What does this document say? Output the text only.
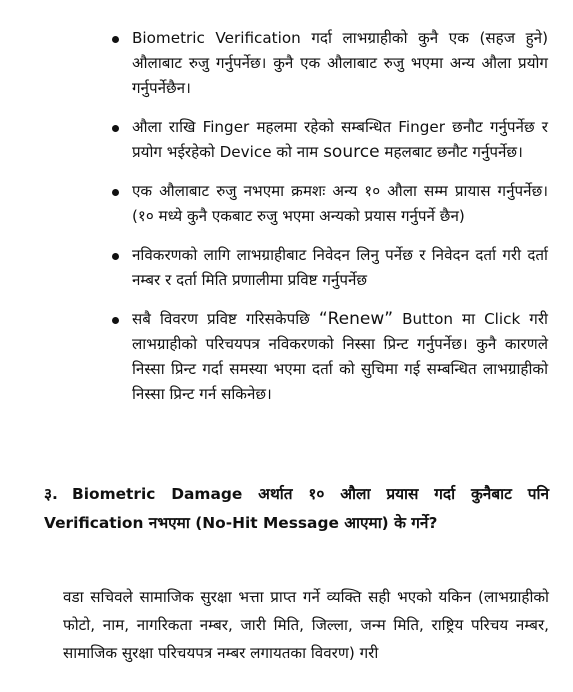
Biometric Verification गर्दा लाभग्राहीको कुनै एक (सहज हुने) औलाबाट रुजु गर्नुपर्नेछ। कुनै एक औलाबाट रुजु भएमा अन्य औला प्रयोग गर्नुपर्नेछैन।
औला राखि Finger महलमा रहेको सम्बन्धित Finger छनौट गर्नुपर्नेछ र प्रयोग भईरहेको Device को नाम source महलबाट छनौट गर्नुपर्नेछ।
एक औलाबाट रुजु नभएमा क्रमशः अन्य १० औला सम्म प्रायास गर्नुपर्नेछ। (१० मध्ये कुनै एकबाट रुजु भएमा अन्यको प्रयास गर्नुपर्ने छैन)
नविकरणको लागि लाभग्राहीबाट निवेदन लिनु पर्नेछ र निवेदन दर्ता गरी दर्ता नम्बर र दर्ता मिति प्रणालीमा प्रविष्ट गर्नुपर्नेछ
सबै विवरण प्रविष्ट गरिसकेपछि “Renew” Button मा Click गरी लाभग्राहीको परिचयपत्र नविकरणको निस्सा प्रिन्ट गर्नुपर्नेछ। कुनै कारणले निस्सा प्रिन्ट गर्दा समस्या भएमा दर्ता को सुचिमा गई सम्बन्धित लाभग्राहीको निस्सा प्रिन्ट गर्न सकिनेछ।
३. Biometric Damage अर्थात १० औला प्रयास गर्दा कुनैबाट पनि Verification नभएमा (No-Hit Message आएमा) के गर्ने?

वडा सचिवले सामाजिक सुरक्षा भत्ता प्राप्त गर्ने व्यक्ति सही भएको यकिन (लाभग्राहीको फोटो, नाम, नागरिकता नम्बर, जारी मिति, जिल्ला, जन्म मिति, राष्ट्रिय परिचय नम्बर, सामाजिक सुरक्षा परिचयपत्र नम्बर लगायतका विवरण) गरी
